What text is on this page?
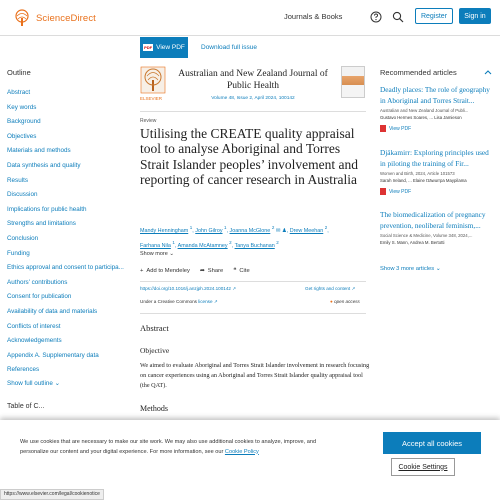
ScienceDirect	Journals & Books	Register	Sign in
PDF View PDF Download full issue
Outline
Abstract
Key words
Background
Objectives
Materials and methods
Data synthesis and quality
Results
Discussion
Implications for public health
Strengths and limitations
Conclusion
Funding
Ethics approval and consent to participa...
Authors' contributions
Consent for publication
Availability of data and materials
Conflicts of interest
Acknowledgements
Appendix A. Supplementary data
References
Show full outline ⌄
Table of C...
ELSEVIER
Australian and New Zealand Journal of Public Health
Volume 48, Issue 2, April 2024, 100142
Review
Utilising the CREATE quality appraisal tool to analyse Aboriginal and Torres Strait Islander peoples’ involvement and reporting of cancer research in Australia
Mandy Henningham $^1$, John Gilroy $^1$, Joanna McGlone $^2$ ✉ ♟, Drew Meehan $^2$,
Farhana Nila $^1$, Amanda McAtamney $^2$, Tanya Buchanan $^2$
Show more ⌄
+ Add to Mendeley ➦ Share ❝ Cite
https://doi.org/10.1016/j.anzjph.2024.100142 ↗	Get rights and content ↗
Under a Creative Commons license ↗	● open access
Abstract
Objective

We aimed to evaluate Aboriginal and Torres Strait Islander involvement in research focusing on cancer experiences using an Aboriginal and Torres Strait Islander quality appraisal tool (the QAT).

Methods
Recommended articles
Deadly places: The role of geography in Aboriginal and Torres Strait...
Australian and New Zealand Journal of Publi...
Gustavo Hermes Soares, ... Lisa Jamieson
View PDF
Djäkamirr: Exploring principles used in piloting the training of Fir...
Women and Birth, 2024, Article 101573
Sarah Ireland, ... Elaine Ŋäwurrpa Maypilama
View PDF
The biomedicalization of pregnancy prevention, neoliberal feminism,...
Social Science & Medicine, Volume 348, 2024,...
Emily S. Mann, Andrea M. Bertotti
Show 3 more articles ⌄
We use cookies that are necessary to make our site work. We may also use additional cookies to analyze, improve, and personalize our content and your digital experience. For more information, see our Cookie Policy
Accept all cookies
Cookie Settings
https://www.elsevier.com/legal/cookienotice
